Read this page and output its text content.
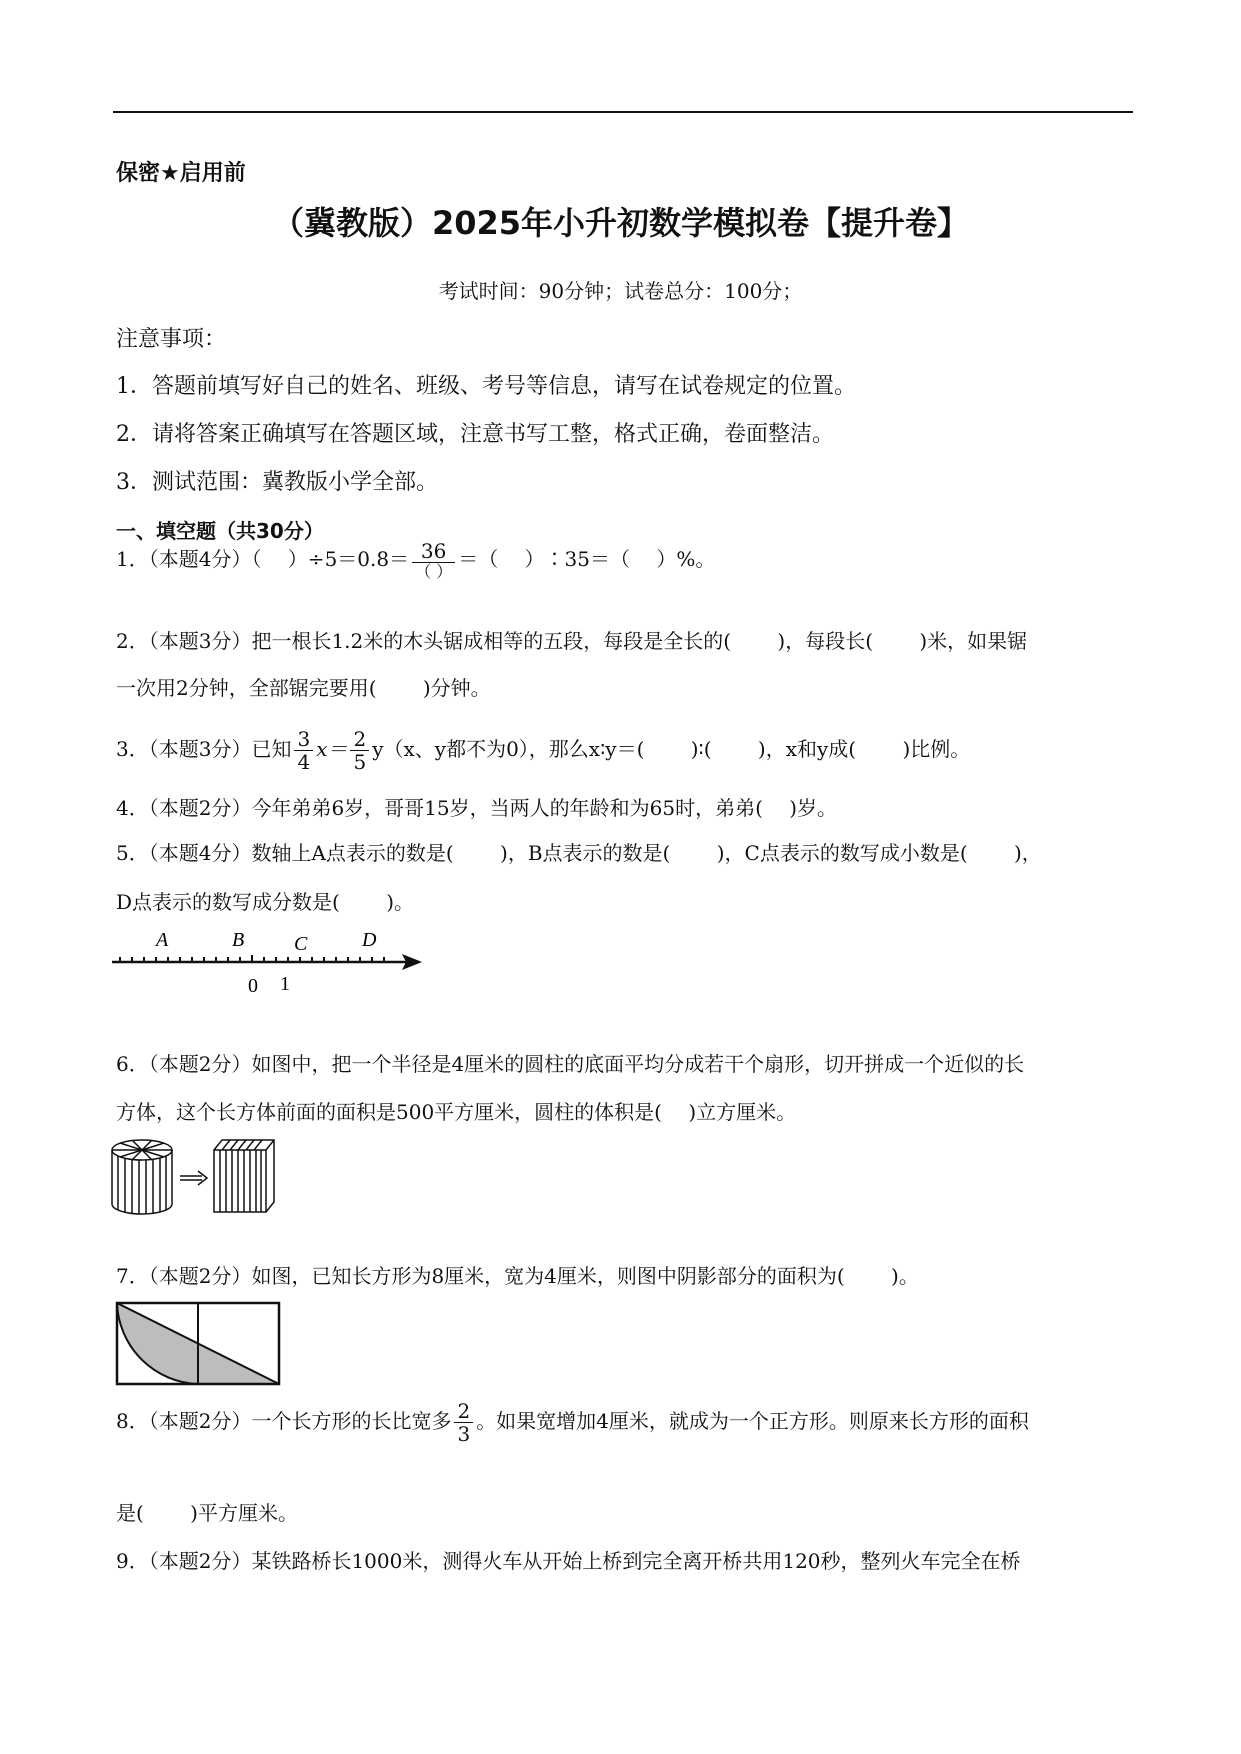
保密★启用前
（冀教版）2025年小升初数学模拟卷【提升卷】
考试时间：90分钟；试卷总分：100分；
注意事项：
1．答题前填写好自己的姓名、班级、考号等信息，请写在试卷规定的位置。
2．请将答案正确填写在答题区域，注意书写工整，格式正确，卷面整洁。
3．测试范围：冀教版小学全部。
一、填空题（共30分）
1．（本题4分）（　 ）$\div 5=0.8= \frac{36}{( )}$ ＝（　 ）∶35＝（　 ）%。
2．（本题3分）把一根长1.2米的木头锯成相等的五段，每段是全长的(　　 )，每段长(　　 )米，如果锯
一次用2分钟，全部锯完要用(　　 )分钟。
3．（本题3分）已知 $\frac{3}{4} x= \frac{2}{5} y(x$、y都不为0），那么x∶y＝(　　 )∶(　　 )，x和y成(　　 )比例。
4．（本题2分）今年弟弟6岁，哥哥15岁，当两人的年龄和为65时，弟弟(　 )岁。
5．（本题4分）数轴上A点表示的数是(　　 )，B点表示的数是(　　 )，C点表示的数写成小数是(　　 )，
D点表示的数写成分数是(　　 )。
A	B C	D
0 1
6．（本题2分）如图中，把一个半径是4厘米的圆柱的底面平均分成若干个扇形，切开拼成一个近似的长
方体，这个长方体前面的面积是500平方厘米，圆柱的体积是(　 )立方厘米。
7．（本题2分）如图，已知长方形为8厘米，宽为4厘米，则图中阴影部分的面积为(　　 )。
8．（本题2分）一个长方形的长比宽多 $\frac{2}{3}$ 。如果宽增加4厘米，就成为一个正方形。则原来长方形的面积
是(　　 )平方厘米。
9．（本题2分）某铁路桥长1000米，测得火车从开始上桥到完全离开桥共用120秒，整列火车完全在桥
